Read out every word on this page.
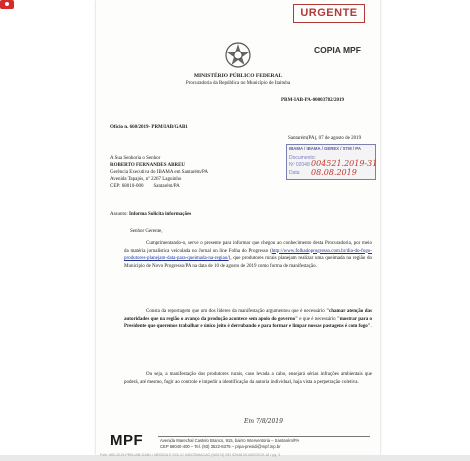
URGENTE
COPIA MPF
MINISTÉRIO PÚBLICO FEDERAL
Procuradoria da República no Município de Itaituba
PRM-IAB-PA-00003782/2019
Ofício n. 660/2019- PRM/IAB/GAB1
Santarém(PA), 07 de agosto de 2019
IBAMA / IBAMA / GEREX / STM / PA
Documento:
Nº 02048 004521.2019-31
Data 08.08.2019
A Sua Senhoria o Senhor
ROBERTO FERNANDES ABREU
Gerência Executiva do IBAMA em Santarém/PA
Avenida Tapajós, nº 2267 Laguinho
CEP: 68010-000        Santarém/PA
Assunto: Informa Solicita informações
Senhor Gerente,
Cumprimentando-o, serve o presente para informar que chegou ao conhecimento desta Procuradoria, por meio da matéria jornalística veiculada no Jornal on line Folha do Progresso (http://www.folhadoprogresso.com.br/dia-do-fogo-produtores-planejam-data-para-queimada-na-regiao/), que produtores rurais planejam realizar uma queimada na região do Município de Novo Progresso/PA na data de 10 de agosto de 2019 como forma de manifestação.
Consta da reportagem que um dos líderes da manifestação argumentou que é necessário "chamar atenção das autoridades que na região o avanço da produção acontece sem apoio do governo" e que é necessário "mostrar para o Presidente que queremos trabalhar e único jeito é derrubando e para formar e limpar nossas pastagens é com fogo".
Ou seja, a manifestação dos produtores rurais, caso levada a cabo, ensejará sérias infrações ambientais que poderá, até mesmo, fugir ao controle e impedir a identificação da autoria individual, haja vista a perpetração coletiva.
Em 7/8/2019
MPF	Avenida Marechal Castelo Branco, 915, bairro Interventoria – Santarém/PA
CEP 68040-400 – Tel. (93) 3522-8375 – prpa-presidi@mpf.mp.br
Folh: 660-2019-PRM-IAB-GAB1 / MEDIDA E SOL IC INSCRIMACAO (N0074) SEI 02048.001402/2019-18 / pg. 3
